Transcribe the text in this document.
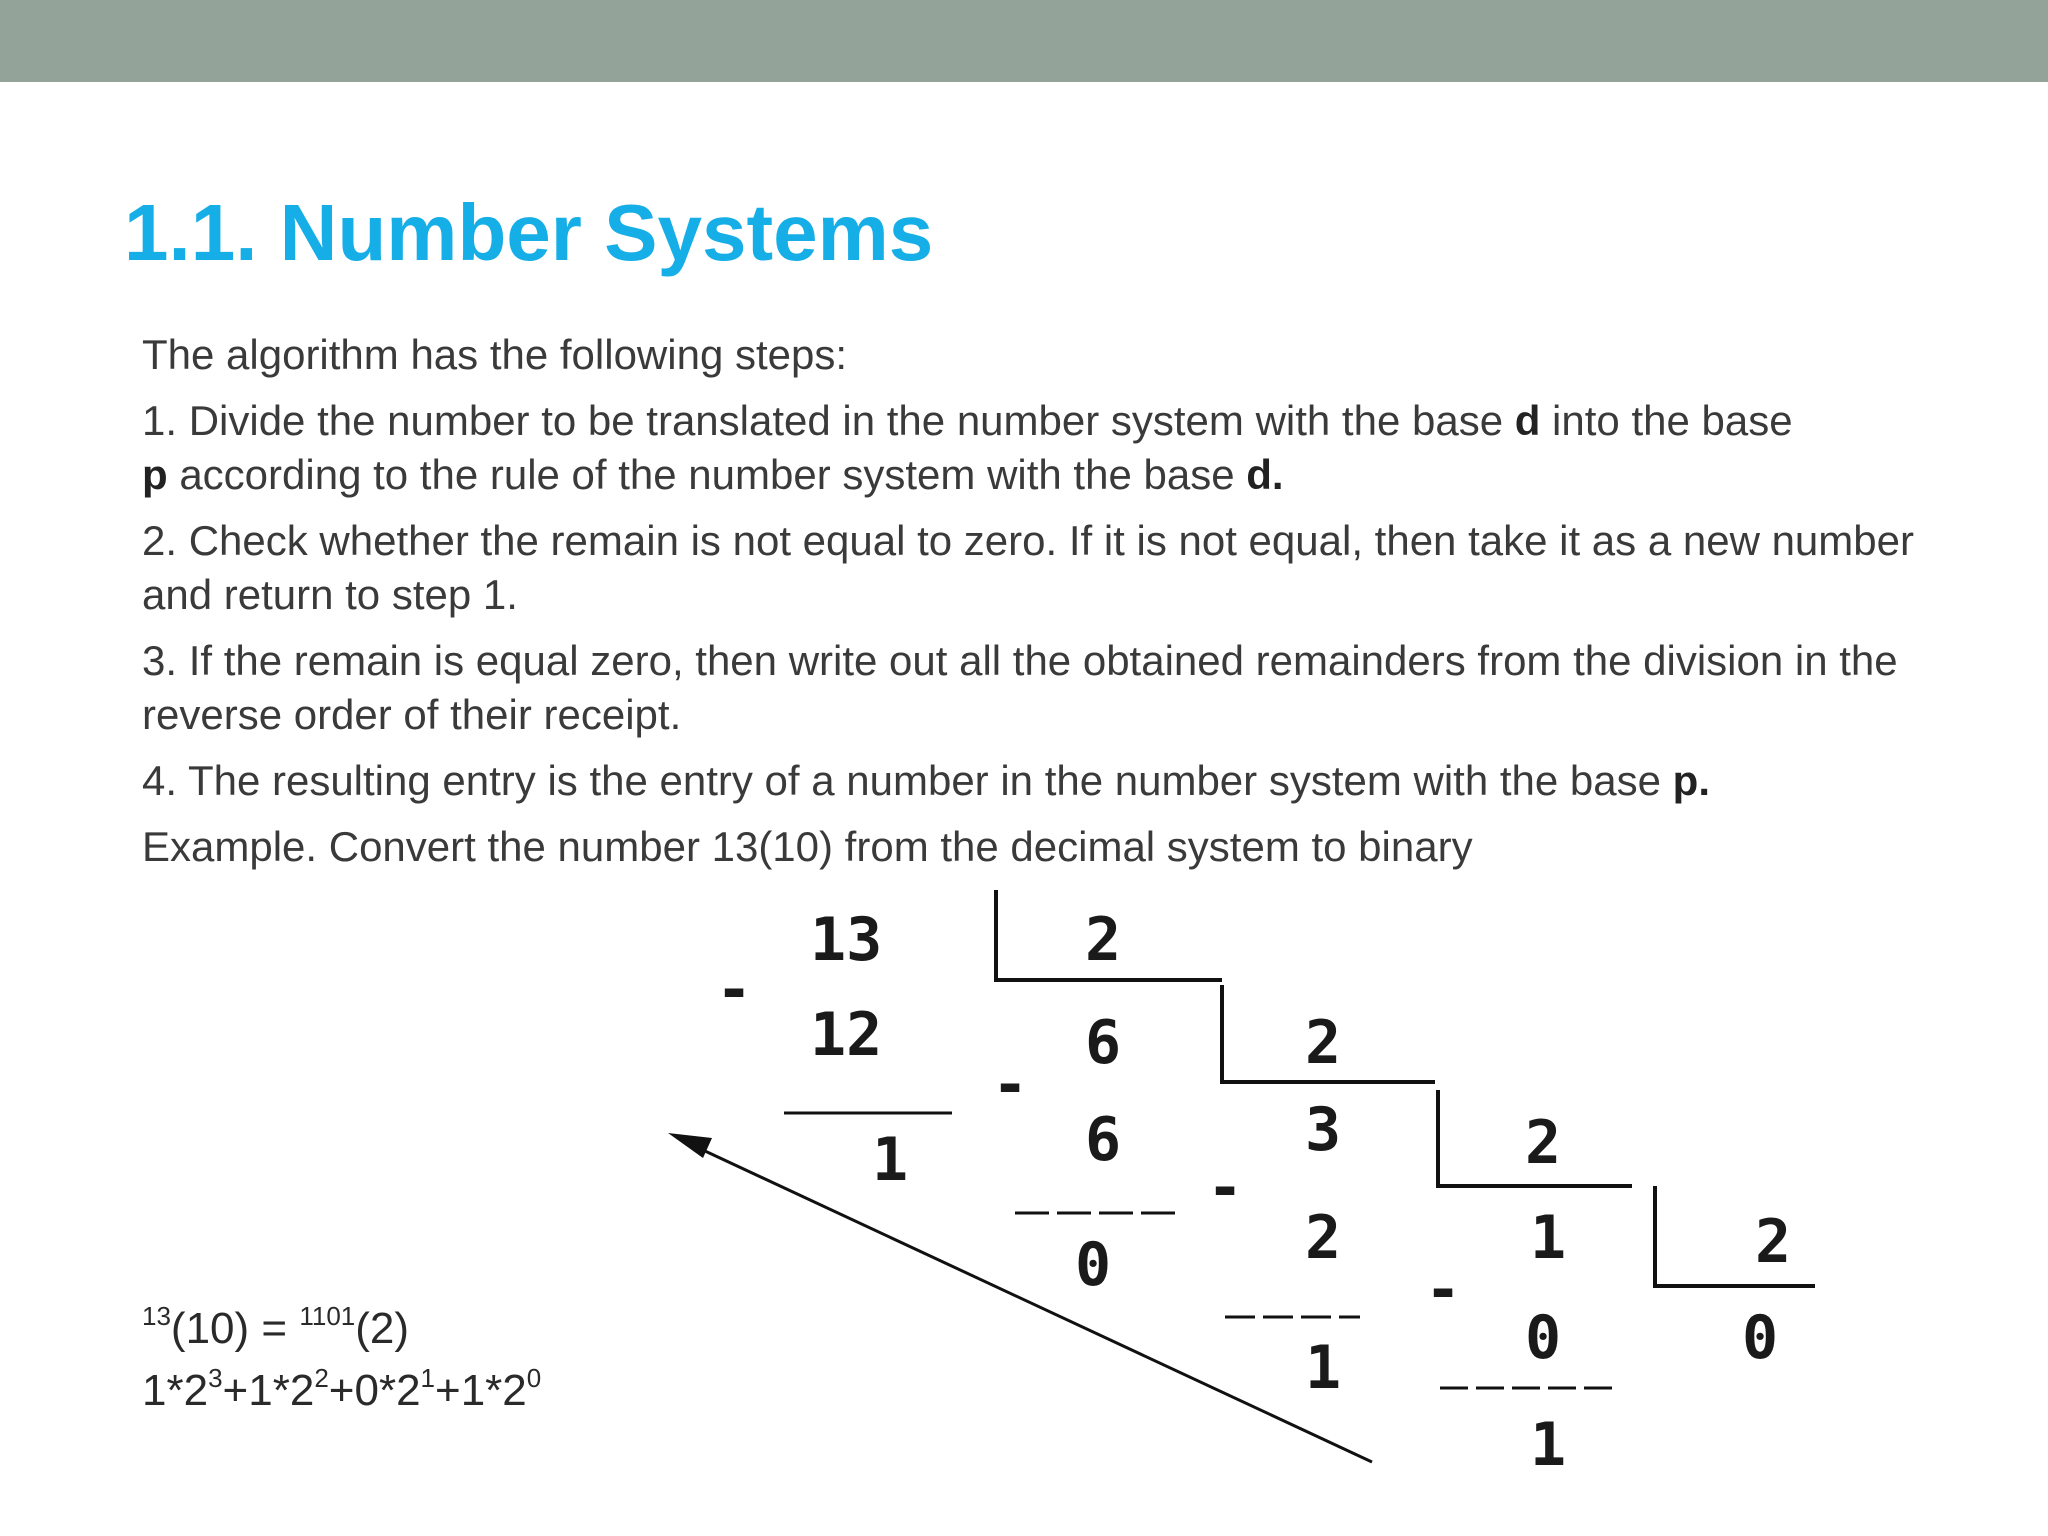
1.1. Number Systems

The algorithm has the following steps:

1. Divide the number to be translated in the number system with the base d into the base
p according to the rule of the number system with the base d.

2. Check whether the remain is not equal to zero. If it is not equal, then take it as a new number and return to step 1.

3. If the remain is equal zero, then write out all the obtained remainders from the division in the reverse order of their receipt.

4. The resulting entry is the entry of a number in the number system with the base p.

Example. Convert the number 13(10) from the decimal system to binary

13	2
-
12	6	2
1
-
6	3	2
0
-
2	1	2
1
-
0	0
1
$^{13}$(10) = $^{1101}$(2)
$1*2^3+1*2^2+0*2^1+1*2^0$
